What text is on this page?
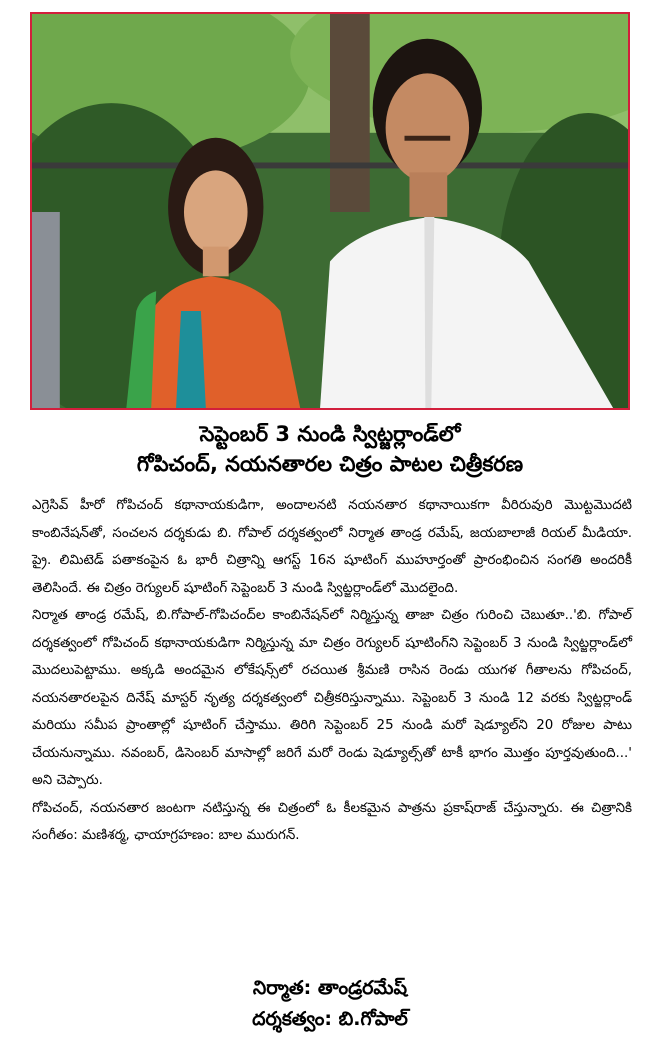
సెప్టెంబర్ 3 నుండి స్విట్జర్లాండ్‌లో
గోపిచంద్, నయనతారల చిత్రం పాటల చిత్రీకరణ

ఎగ్రెసివ్ హీరో గోపిచంద్ కథానాయకుడిగా, అందాలనటి నయనతార కథానాయికగా వీరిరువురి మొట్టమొదటి కాంబినేషన్‌తో, సంచలన దర్శకుడు బి. గోపాల్ దర్శకత్వంలో నిర్మాత తాండ్ర రమేష్, జయబాలాజీ రియల్ మీడియా. ప్రై. లిమిటెడ్ పతాకంపైన ఓ భారీ చిత్రాన్ని ఆగస్ట్ 16న షూటింగ్ ముహూర్తంతో ప్రారంభించిన సంగతి అందరికీ తెలిసిందే. ఈ చిత్రం రెగ్యులర్ షూటింగ్ సెప్టెంబర్ 3 నుండి స్విట్జర్లాండ్‌లో మొదలైంది.

నిర్మాత తాండ్ర రమేష్, బి.గోపాల్-గోపిచంద్‌ల కాంబినేషన్‌లో నిర్మిస్తున్న తాజా చిత్రం గురించి చెబుతూ..'బి. గోపాల్ దర్శకత్వంలో గోపిచంద్ కథానాయకుడిగా నిర్మిస్తున్న మా చిత్రం రెగ్యులర్ షూటింగ్‌ని సెప్టెంబర్ 3 నుండి స్విట్జర్లాండ్‌లో మొదలుపెట్టాము. అక్కడి అందమైన లోకేషన్స్‌లో రచయిత శ్రీమణి రాసిన రెండు యుగళ గీతాలను గోపిచంద్, నయనతారలపైన దినేష్ మాస్టర్ నృత్య దర్శకత్వంలో చిత్రీకరిస్తున్నాము. సెప్టెంబర్ 3 నుండి 12 వరకు స్విట్జర్లాండ్ మరియు సమీప ప్రాంతాల్లో షూటింగ్ చేస్తాము. తిరిగి సెప్టెంబర్ 25 నుండి మరో షెడ్యూల్‌ని 20 రోజుల పాటు చేయనున్నాము. నవంబర్, డిసెంబర్ మాసాల్లో జరిగే మరో రెండు షెడ్యూల్స్‌తో టాకీ భాగం మొత్తం పూర్తవుతుంది...' అని చెప్పారు.

గోపిచంద్, నయనతార జంటగా నటిస్తున్న ఈ చిత్రంలో ఓ కీలకమైన పాత్రను ప్రకాష్‌రాజ్ చేస్తున్నారు. ఈ చిత్రానికి సంగీతం: మణిశర్మ, ఛాయాగ్రహణం: బాల మురుగన్.

నిర్మాత: తాండ్రరమేష్
దర్శకత్వం: బి.గోపాల్
